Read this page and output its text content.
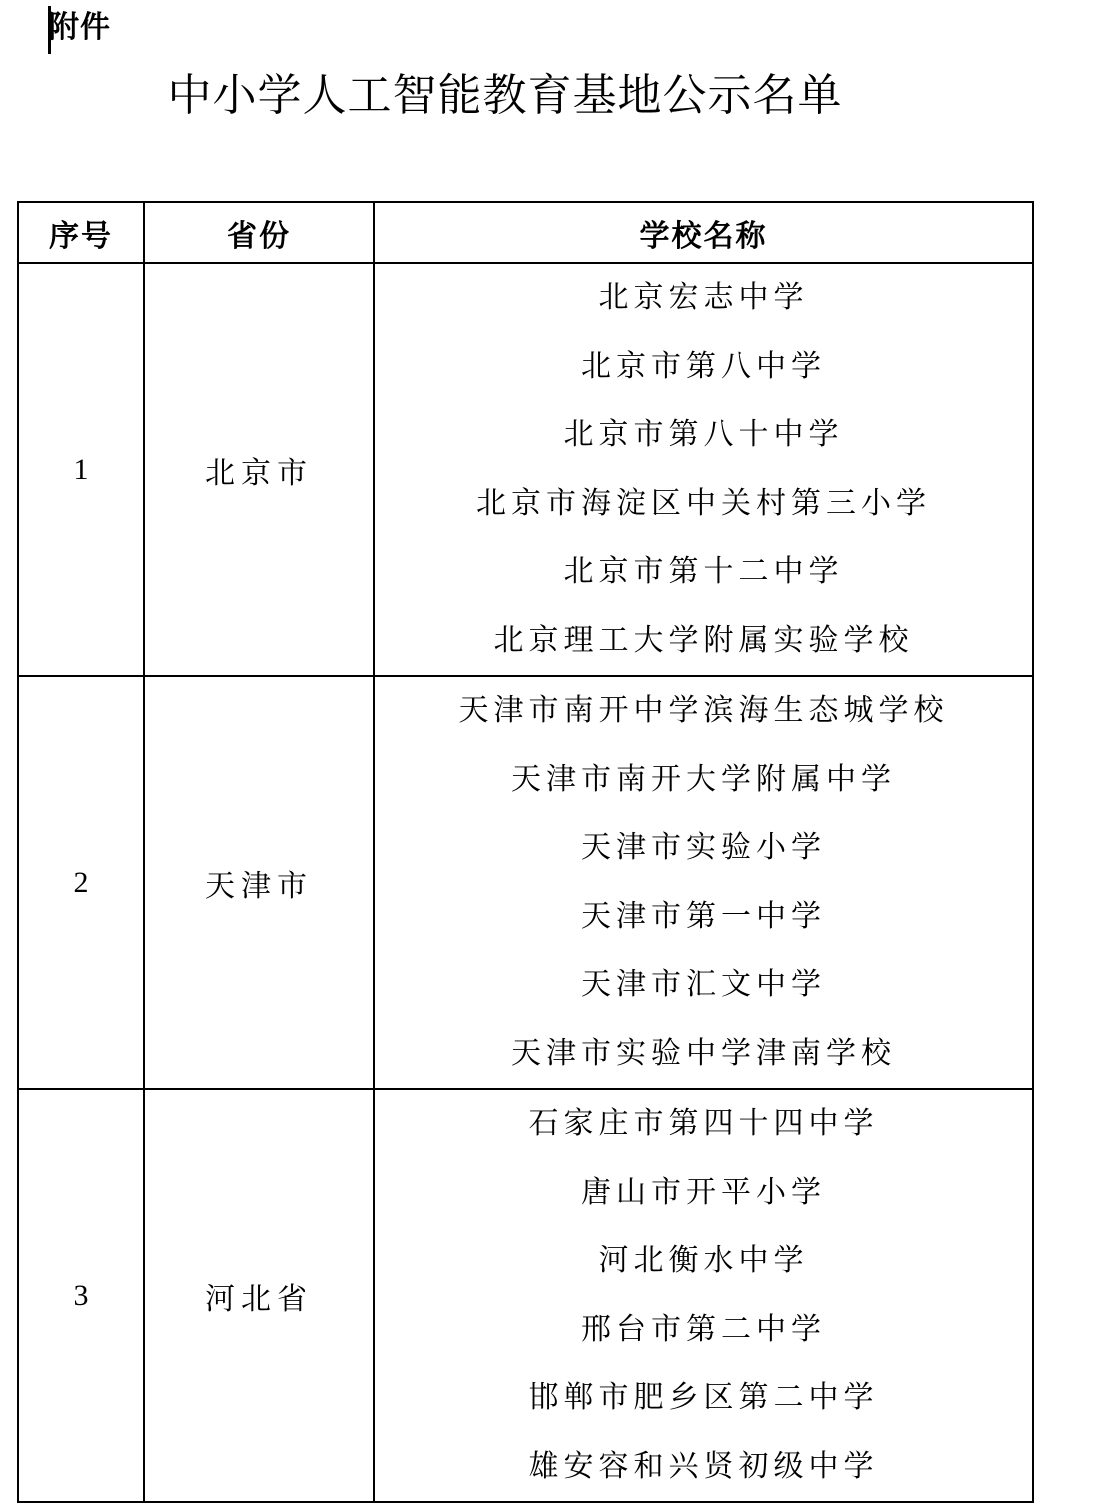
附件
中小学人工智能教育基地公示名单
序号	省份	学校名称
1	北京市	
北京宏志中学
北京市第八中学
北京市第八十中学
北京市海淀区中关村第三小学
北京市第十二中学
北京理工大学附属实验学校

2	天津市	
天津市南开中学滨海生态城学校
天津市南开大学附属中学
天津市实验小学
天津市第一中学
天津市汇文中学
天津市实验中学津南学校

3	河北省	
石家庄市第四十四中学
唐山市开平小学
河北衡水中学
邢台市第二中学
邯郸市肥乡区第二中学
雄安容和兴贤初级中学
